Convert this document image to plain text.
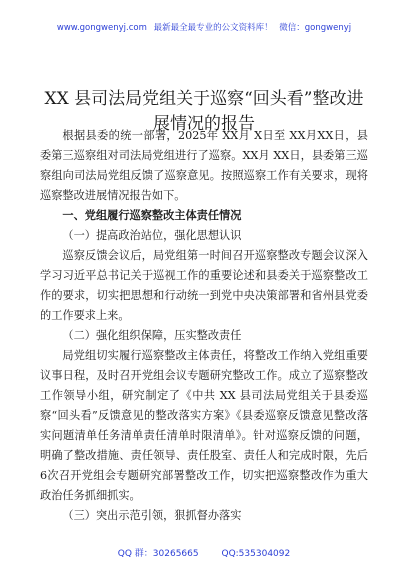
www.gongwenyj.com 最新最全最专业的公文资料库！ 微信：gongwenyj
XX 县司法局党组关于巡察“回头看”整改进展情况的报告

根据县委的统一部署，2025年 XX月 X日至 XX月XX日，县委第三巡察组对司法局党组进行了巡察。XX月 XX日，县委第三巡察组向司法局党组反馈了巡察意见。按照巡察工作有关要求，现将巡察整改进展情况报告如下。

一、党组履行巡察整改主体责任情况

（一）提高政治站位，强化思想认识

巡察反馈会议后，局党组第一时间召开巡察整改专题会议深入学习习近平总书记关于巡视工作的重要论述和县委关于巡察整改工作的要求，切实把思想和行动统一到党中央决策部署和省州县党委的工作要求上来。

（二）强化组织保障，压实整改责任

局党组切实履行巡察整改主体责任，将整改工作纳入党组重要议事日程，及时召开党组会议专题研究整改工作。成立了巡察整改工作领导小组，研究制定了《中共 XX 县司法局党组关于县委巡察“回头看”反馈意见的整改落实方案》《县委巡察反馈意见整改落实问题清单任务清单责任清单时限清单》。针对巡察反馈的问题，明确了整改措施、责任领导、责任股室、责任人和完成时限，先后 6次召开党组会专题研究部署整改工作，切实把巡察整改作为重大政治任务抓细抓实。

（三）突出示范引领，狠抓督办落实

QQ 群：30265665	QQ:535304092
